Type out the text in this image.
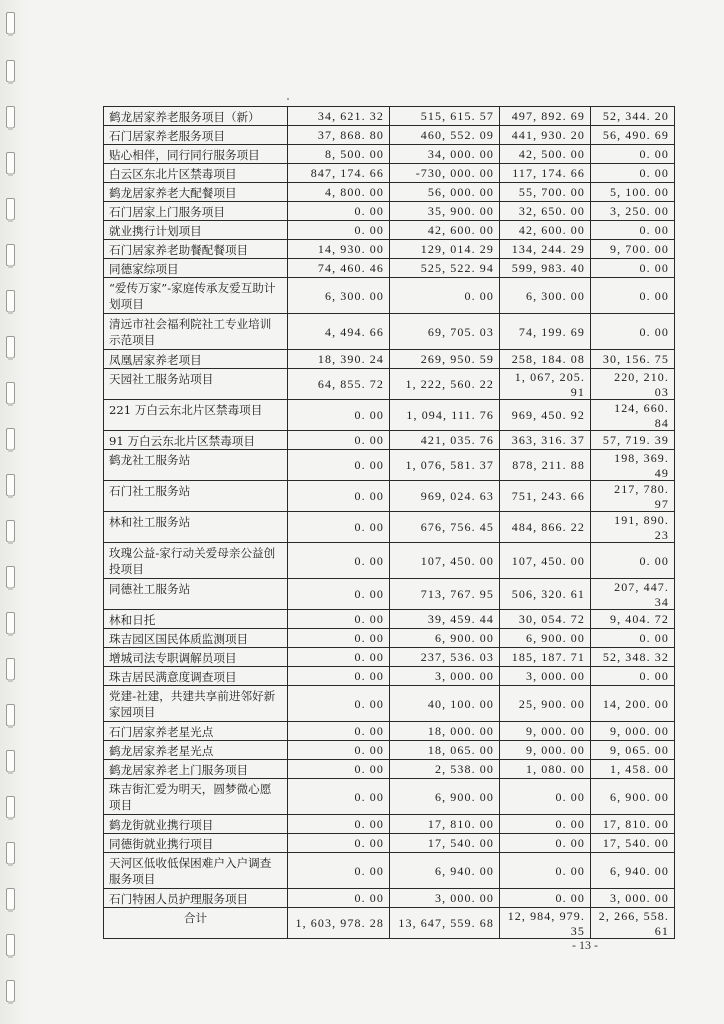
鹤龙居家养老服务项目（新）	34, 621. 32	515, 615. 57	497, 892. 69	52, 344. 20
石门居家养老服务项目	37, 868. 80	460, 552. 09	441, 930. 20	56, 490. 69
贴心相伴，同行同行服务项目	8, 500. 00	34, 000. 00	42, 500. 00	0. 00
白云区东北片区禁毒项目	847, 174. 66	-730, 000. 00	117, 174. 66	0. 00
鹤龙居家养老大配餐项目	4, 800. 00	56, 000. 00	55, 700. 00	5, 100. 00
石门居家上门服务项目	0. 00	35, 900. 00	32, 650. 00	3, 250. 00
就业携行计划项目	0. 00	42, 600. 00	42, 600. 00	0. 00
石门居家养老助餐配餐项目	14, 930. 00	129, 014. 29	134, 244. 29	9, 700. 00
同德家综项目	74, 460. 46	525, 522. 94	599, 983. 40	0. 00
“爱传万家”-家庭传承友爱互助计划项目	6, 300. 00	0. 00	6, 300. 00	0. 00
清远市社会福利院社工专业培训示范项目	4, 494. 66	69, 705. 03	74, 199. 69	0. 00
凤凰居家养老项目	18, 390. 24	269, 950. 59	258, 184. 08	30, 156. 75
天园社工服务站项目	64, 855. 72	1, 222, 560. 22	1, 067, 205. 91	220, 210. 03
221 万白云东北片区禁毒项目	0. 00	1, 094, 111. 76	969, 450. 92	124, 660. 84
91 万白云东北片区禁毒项目	0. 00	421, 035. 76	363, 316. 37	57, 719. 39
鹤龙社工服务站	0. 00	1, 076, 581. 37	878, 211. 88	198, 369. 49
石门社工服务站	0. 00	969, 024. 63	751, 243. 66	217, 780. 97
林和社工服务站	0. 00	676, 756. 45	484, 866. 22	191, 890. 23
玫瑰公益-家行动关爱母亲公益创投项目	0. 00	107, 450. 00	107, 450. 00	0. 00
同德社工服务站	0. 00	713, 767. 95	506, 320. 61	207, 447. 34
林和日托	0. 00	39, 459. 44	30, 054. 72	9, 404. 72
珠吉园区国民体质监测项目	0. 00	6, 900. 00	6, 900. 00	0. 00
增城司法专职调解员项目	0. 00	237, 536. 03	185, 187. 71	52, 348. 32
珠吉居民满意度调查项目	0. 00	3, 000. 00	3, 000. 00	0. 00
党建-社建，共建共享前进邻好新家园项目	0. 00	40, 100. 00	25, 900. 00	14, 200. 00
石门居家养老星光点	0. 00	18, 000. 00	9, 000. 00	9, 000. 00
鹤龙居家养老星光点	0. 00	18, 065. 00	9, 000. 00	9, 065. 00
鹤龙居家养老上门服务项目	0. 00	2, 538. 00	1, 080. 00	1, 458. 00
珠吉街汇爱为明天，圆梦微心愿项目	0. 00	6, 900. 00	0. 00	6, 900. 00
鹤龙街就业携行项目	0. 00	17, 810. 00	0. 00	17, 810. 00
同德街就业携行项目	0. 00	17, 540. 00	0. 00	17, 540. 00
天河区低收低保困难户入户调查服务项目	0. 00	6, 940. 00	0. 00	6, 940. 00
石门特困人员护理服务项目	0. 00	3, 000. 00	0. 00	3, 000. 00
合计	1, 603, 978. 28	13, 647, 559. 68	12, 984, 979. 35	2, 266, 558. 61
- 13 -
